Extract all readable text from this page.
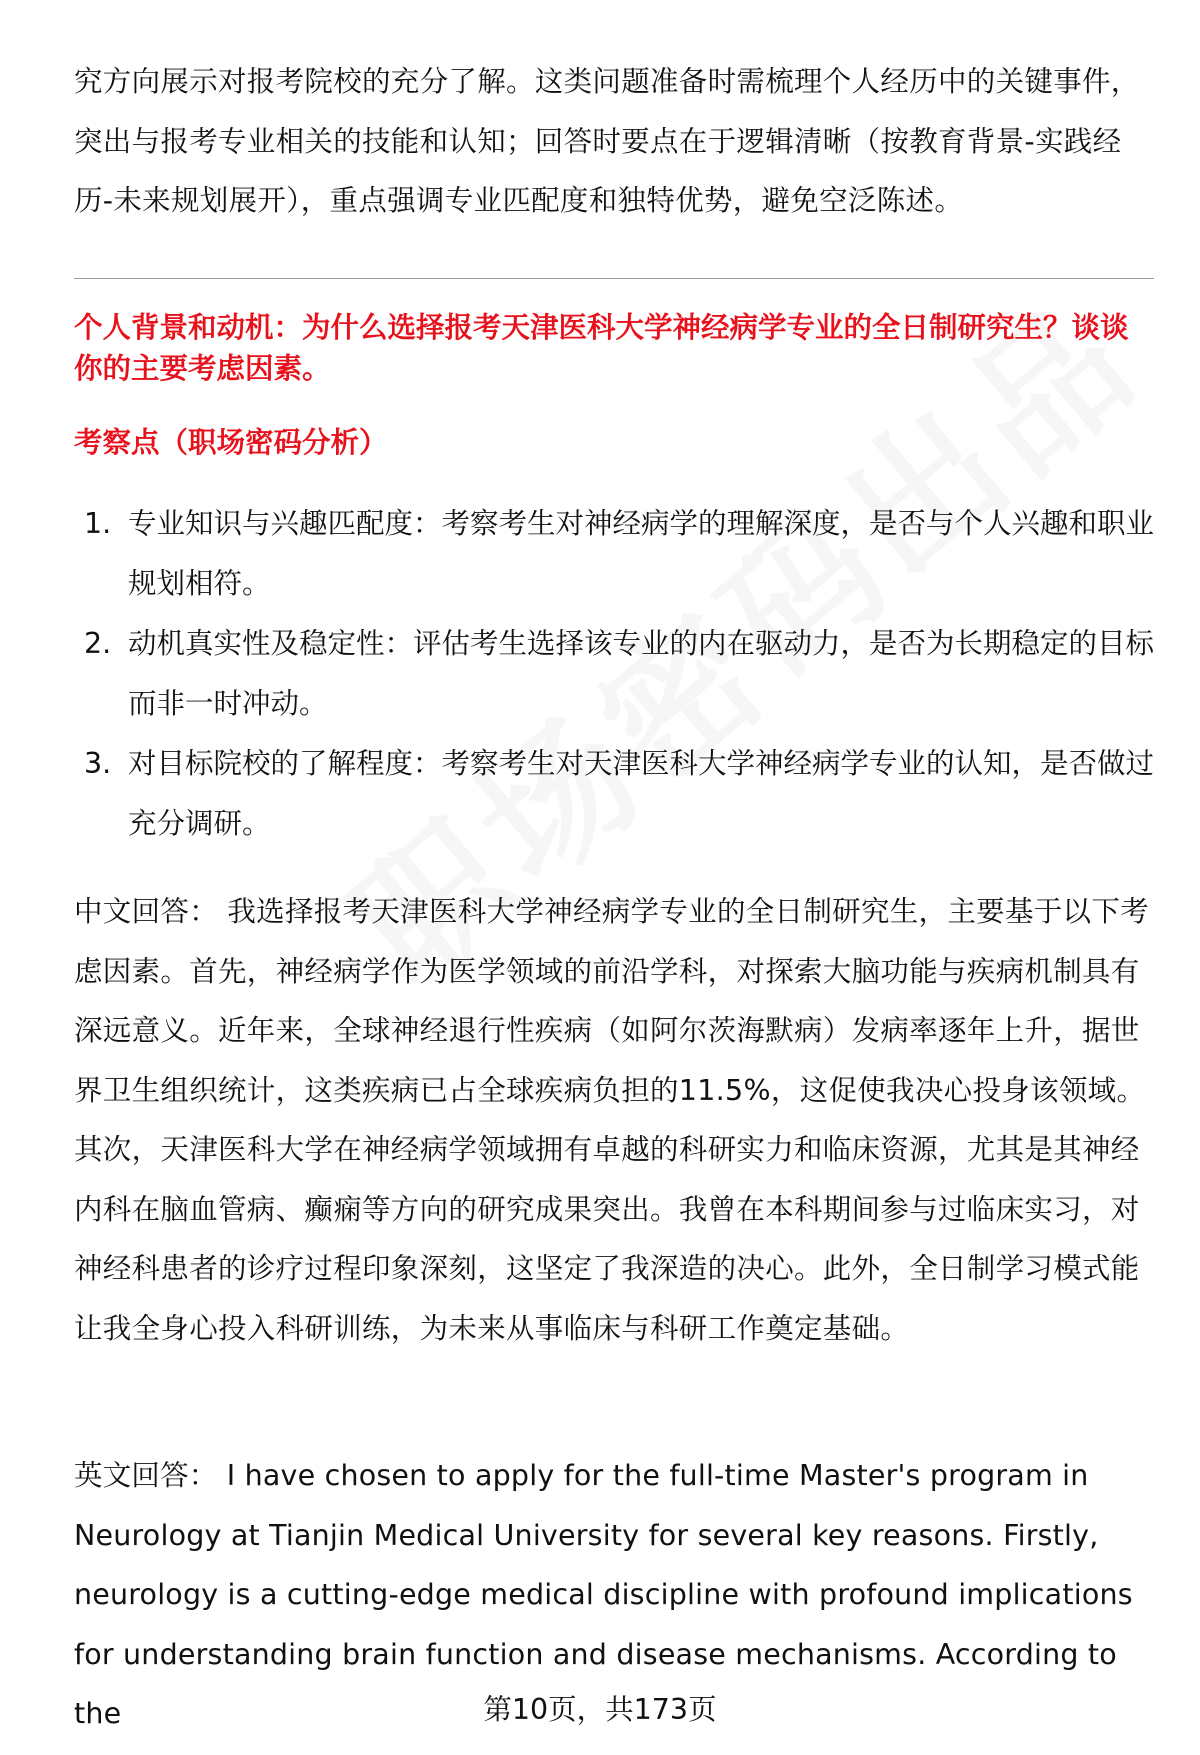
究方向展示对报考院校的充分了解。这类问题准备时需梳理个人经历中的关键事件，突出与报考专业相关的技能和认知；回答时要点在于逻辑清晰（按教育背景-实践经历-未来规划展开），重点强调专业匹配度和独特优势，避免空泛陈述。

个人背景和动机：为什么选择报考天津医科大学神经病学专业的全日制研究生？谈谈你的主要考虑因素。

考察点（职场密码分析）

1. 专业知识与兴趣匹配度：考察考生对神经病学的理解深度，是否与个人兴趣和职业规划相符。
2. 动机真实性及稳定性：评估考生选择该专业的内在驱动力，是否为长期稳定的目标而非一时冲动。
3. 对目标院校的了解程度：考察考生对天津医科大学神经病学专业的认知，是否做过充分调研。

中文回答： 我选择报考天津医科大学神经病学专业的全日制研究生，主要基于以下考虑因素。首先，神经病学作为医学领域的前沿学科，对探索大脑功能与疾病机制具有深远意义。近年来，全球神经退行性疾病（如阿尔茨海默病）发病率逐年上升，据世界卫生组织统计，这类疾病已占全球疾病负担的11.5%，这促使我决心投身该领域。其次，天津医科大学在神经病学领域拥有卓越的科研实力和临床资源，尤其是其神经内科在脑血管病、癫痫等方向的研究成果突出。我曾在本科期间参与过临床实习，对神经科患者的诊疗过程印象深刻，这坚定了我深造的决心。此外，全日制学习模式能让我全身心投入科研训练，为未来从事临床与科研工作奠定基础。

英文回答： I have chosen to apply for the full-time Master's program in Neurology at Tianjin Medical University for several key reasons. Firstly, neurology is a cutting-edge medical discipline with profound implications for understanding brain function and disease mechanisms. According to the	第10页，共173页
